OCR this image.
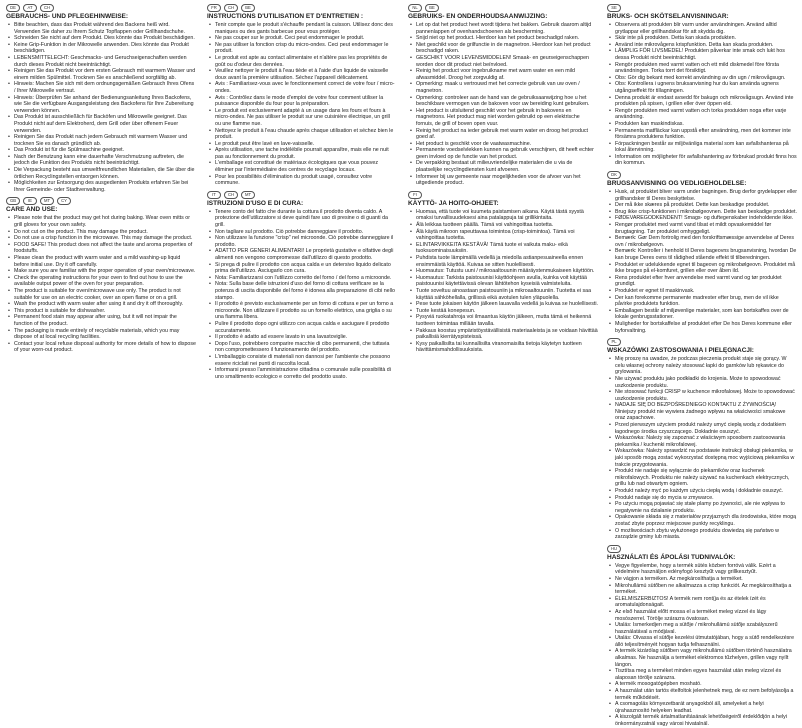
DE	AT	CH
GEBRAUCHS- UND PFLEGEHINWEISE:
• Bitte beachten, dass das Produkt während des Backens heiß wird. Verwenden Sie daher zu Ihrem Schutz Topflappen oder Grillhandschuhe.
• Schneiden Sie nicht auf dem Produkt. Dies könnte das Produkt beschädigen.
• Keine Grip-Funktion in der Mikrowelle anwenden. Dies könnte das Produkt beschädigen.
• LEBENSMITTELECHT: Geschmacks- und Geruchseigenschaften werden durch dieses Produkt nicht beeinträchtigt.
• Reinigen Sie das Produkt vor dem ersten Gebrauch mit warmem Wasser und einem milden Spülmittel. Trocknen Sie es anschließend sorgfältig ab.
• Hinweis: Machen Sie sich mit dem ordnungsgemäßen Gebrauch Ihres Ofens / Ihrer Mikrowelle vertraut.
• Hinweis: Überprüfen Sie anhand der Bedienungsanleitung Ihres Backofens, wie Sie die verfügbare Ausgangsleistung des Backofens für Ihre Zubereitung verwenden können.
• Das Produkt ist ausschließlich für Backöfen und Mikrowelle geeignet. Das Produkt nicht auf dem Elektroherd, dem Grill oder über offenem Feuer verwenden.
• Reinigen Sie das Produkt nach jedem Gebrauch mit warmem Wasser und trocknen Sie es danach gründlich ab.
• Das Produkt ist für die Spülmaschine geeignet.
• Nach der Benutzung kann eine dauerhafte Verschmutzung auftreten, die jedoch die Funktion des Produkts nicht beeinträchtigt.
• Die Verpackung besteht aus umweltfreundlichen Materialien, die Sie über die örtlichen Recyclingstellen entsorgen können.
• Möglichkeiten zur Entsorgung des ausgedienten Produkts erfahren Sie bei Ihrer Gemeinde- oder Stadtverwaltung.
GB	IE	MT	CY
CARE AND USE:
• Please note that the product may get hot during baking. Wear oven mitts or grill gloves for your own safety.
• Do not cut on the product. This may damage the product.
• Do not use a crisp function in the microwave. This may damage the product.
• FOOD SAFE! This product does not affect the taste and aroma properties of foodstuffs.
• Please clean the product with warm water and a mild washing-up liquid before initial use. Dry it off carefully.
• Make sure you are familiar with the proper operation of your oven/microwave.
• Check the operating instructions for your oven to find out how to use the available output power of the oven for your preparation.
• The product is suitable for oven/microwave use only. The product is not suitable for use on an electric cooker, over an open flame or on a grill.
• Wash the product with warm water after using it and dry it off thoroughly.
• This product is suitable for dishwasher.
• Permanent food stain may appear after using, but it will not impair the function of the product.
• The packaging is made entirely of recyclable materials, which you may dispose of at local recycling facilities.
• Contact your local refuse disposal authority for more details of how to dispose of your worn-out product.
FR	CH	BE
INSTRUCTIONS D'UTILISATION ET D'ENTRETIEN :
• Tenir compte que le produit s'échauffe pendant la cuisson. Utilisez donc des maniques ou des gants barbecue pour vous protéger.
• Ne pas couper sur le produit. Ceci peut endommager le produit.
• Ne pas utiliser la fonction crisp du micro-ondes. Ceci peut endommager le produit.
• Le produit est apte au contact alimentaire et n'altère pas les propriétés de goût ou d'odeur des denrées.
• Veuillez nettoyer le produit à l'eau tiède et à l'aide d'un liquide de vaisselle doux avant la première utilisation. Séchez l'appareil délicatement.
• Avis : Familiarisez-vous avec le fonctionnement correct de votre four / micro-ondes.
• Avis : Contrôlez dans le mode d'emploi de votre four comment utiliser la puissance disponible du four pour la préparation.
• Le produit est exclusivement adapté à un usage dans les fours et fours à micro-ondes. Ne pas utiliser le produit sur une cuisinière électrique, un grill ou une flamme nue.
• Nettoyez le produit à l'eau chaude après chaque utilisation et séchez bien le produit.
• Le produit peut être lavé en lave-vaisselle.
• Après utilisation, une tache indélébile pourrait apparaître, mais elle ne nuit pas au fonctionnement du produit.
• L'emballage est constitué de matériaux écologiques que vous pouvez éliminer par l'intermédiaire des centres de recyclage locaux.
• Pour les possibilités d'élimination du produit usagé, consultez votre commune.
IT	CH	MT
ISTRUZIONI D'USO E DI CURA:
• Tenere conto del fatto che durante la cottura il prodotto diventa caldo. A protezione dell'utilizzatore si deve quindi fare uso di presine o di guanti da grill.
• Non tagliare sul prodotto. Ciò potrebbe danneggiare il prodotto.
• Non utilizzare la funzione "crisp" nel microonde. Ciò potrebbe danneggiare il prodotto.
• ADATTO PER GENERI ALIMENTARI! Le proprietà gustative e olfattive degli alimenti non vengono compromesse dall'utilizzo di questo prodotto.
• Si prega di pulire il prodotto con acqua calda e un detersivo liquido delicato prima dell'utilizzo. Asciugarlo con cura.
• Nota: Familiarizzarsi con l'utilizzo corretto del forno / del forno a microonde.
• Nota: Sulla base delle istruzioni d'uso del forno di cottura verificare se la potenza di uscita disponibile del forno è idonea alla preparazione di cibi nello stampo.
• Il prodotto è previsto esclusivamente per un forno di cottura e per un forno a microonde. Non utilizzare il prodotto su un fornello elettrico, una griglia o su una fiamma libera.
• Pulire il prodotto dopo ogni utilizzo con acqua calda e asciugare il prodotto accuratamente.
• Il prodotto è adatto ad essere lavato in una lavastoviglie.
• Dopo l'uso, potrebbero comparire macchie di cibo permanenti, che tuttavia non compromettessero il funzionamento del prodotto.
• L'imballaggio consiste di materiali non dannosi per l'ambiente che possono essere riciclati nei punti di raccolta locali.
• Informarsi presso l'amministrazione cittadina o comunale sulle possibilità di uno smaltimento ecologico e corretto del prodotto usato.
NL	BE
GEBRUIKS- EN ONDERHOUDSAANWIJZING:
• Let op dat het product heet wordt tijdens het bakken. Gebruik daarom altijd pannenlappen of ovenhandschoenen als bescherming.
• Snijd niet op het product. Hierdoor kan het product beschadigd raken.
• Niet geschikt voor de grilfunctie in de magnetron. Hierdoor kan het product beschadigd raken.
• GESCHIKT VOOR LEVENSMIDDELEN! Smaak- en geurseigenschappen worden door dit product niet beïnvloed.
• Reinig het product voor ingebruikname met warm water en een mild afwasmiddel. Droog het zorgvuldig af.
• Opmerking: maak u vertrouwd met het correcte gebruik van uw oven / magnetron.
• Opmerking: controleer aan de hand van de gebruiksaanwijzing hoe u het beschikbare vermogen van de bakoven voor uw bereiding kunt gebruiken.
• Het product is uitsluitend geschikt voor het gebruik in bakovens en magnetrons. Het product mag niet worden gebruikt op een elektrische fornuis, de grill of boven open vuur.
• Reinig het product na ieder gebruik met warm water en droog het product goed af.
• Het product is geschikt voor de vaatwasmachine.
• Permanente voedselvlekken kunnen na gebruik verschijnen, dit heeft echter geen invloed op de functie van het product.
• De verpakking bestaat uit milieuvriendelijke materialen die u via de plaatselijke recyclingdiensten kunt afvoeren.
• Informeer bij uw gemeente naar mogelijkheden voor de afvoer van het uitgediende product.
FI
KÄYTTÖ- JA HOITO-OHJEET:
• Huomaa, että tuote voi kuumeta paistamisen aikana. Käytä tästä syystä omaksi turvallisuudeksesi aina patalappuja tai grillikintaita.
• Älä leikkaa tuotteen päällä. Tämä voi vahingoittaa tuotetta.
• Älä käytä mikroon rapeuttavaa toimintoa (crisp-toimintoa). Tämä voi vahingoittaa tuotetta.
• ELINTARVIKKEITA KESTÄVÄ! Tämä tuote ei vaikuta maku- eikä tuoksuominaisuuksiin.
• Puhdista tuote lämpimällä vedellä ja miedolla astianpesuaineella ennen ensimmäistä käyttöä. Kuivaa se sitten huolellisesti.
• Huomautus: Tutustu uuni / mikroaaltouunin määräystenmukaiseen käyttöön.
• Huomautus: Tarkista paistouunisi käyttöohjeen avulla, kuinka voit käyttää paistouunisi käytettävissä olevan lähtötehon kyseisiä valmisteluita.
• Tuote soveltuu ainoastaan paistouuniin ja mikroaaltouuniin. Tuotetta ei saa käyttää sähköhellalla, grillissä eikä avotulen tulen yläpuolella.
• Pese tuote jokaisen käytön jälkeen lauavalla vedellä ja kuivaa se huolellisesti.
• Tuote kestää konepesun.
• Pysyviä ruokatahroja voi ilmaantua käytön jälkeen, mutta tämä ei heikennä tuotteen toimintaa millään tavalla.
• Pakkaus koostuu ympäristöystävällisistä materiaaleista ja se voidaan hävittää paikallisiä kierrätyspisteissä.
• Kysy paikallisilta tai kunnallisilta viranomaisilta tietoja käytetyn tuotteen hävittämismahdollisuuksista.
SE
BRUKS- OCH SKÖTSELANVISNINGAR:
• Observera att produkten blir varm under användningen. Använd alltid grytlappar eller grillhandskar för att skydda dig.
• Skär inte på produkten. Detta kan skada produkten.
• Använd inte mikrovågens krispfunktion. Detta kan skada produkten.
• LÄMPLIG FÖR LIVSMEDEL! Produkten påverkar inte smak och lukt hos dessa Produkt nicht beeinträchtigt.
• Rengör produkten med varmt vatten och ett mild diskmedel före första användningen. Torka torrt det försiktigt.
• Obs: Gör dig bekant med korrekt användning av din ugn / mikrovågsugn.
• Obs: Kontrollera i ugnens bruksanvisning hur du kan använda ugnens utgångseffekt för tillagningen.
• Denna produkt är endast avsedd för bakugn och mikrovågsugn. Använd inte produkten på spisen, i grillen eller över öppen eld.
• Rengör produkten med varmt vatten och torka produkten noga efter varje användning.
• Produkten kan maskindiskas.
• Permanenta matfläckar kan uppstå efter användning, men det kommer inte försämra produktens funktion.
• Förpackningen består av miljövänliga material som kan avfallshanteras på lokal återvinning.
• Information om möjligheter för avfallshantering av förbrukad produkt finns hos din kommun.
DK
BRUGSANVISNING OG VEDLIGEHOLDELSE:
• Husk, at produktet bliver varm under bagningen. Brug derfor grydelapper eller grillhandsker til Deres beskyttelse.
• Der må ikke skæres på produktet. Dette kan beskadige produktet.
• Brug ikke crisp-funktionen i mikrobølgeovnen. Dette kan beskadige produktet.
• FØDEVAREGODKENDENT! Smags- og duftegenskaber indeholdende ikke.
• Rengør produktet med varmt vand tilsat et mildt opvaskemiddel før ibrugtagning. Tør produktet omhyggeligt.
• Bemærk: Gør Dem fortrolig med den forskriftsmæssige anvendelse af Deres ovn / mikrobølgeovn.
• Bemærk: Kontroller i henhold til Deres bageovns brugsanvisning, hvordan De kan bruge Deres ovns til rådighed stående effekt til tilberedningen.
• Produktet er udelukkende egnet til bageovn og mikrobølgeovn. Produktet må ikke bruges på el-komfuret, grillen eller over åben ild.
• Rens produktet efter hver anvendelse med varmt vand og tør produktet grundigt.
• Produktet er egnet til maskinvask.
• Der kan forekomme permanente madrester efter brug, men de vil ikke påvirke produktets funktion.
• Emballagen består af miljøvenlige materialer, som kan bortskaffes over de lokale genbrugsstationer.
• Muligheder for bortskaffelse af produktet efter De hos Deres kommune eller byforvaltning.
PL
WSKAZÓWKI ZASTOSOWANIA I PIELĘGNACJI:
• Mię proszę na uwadze, że podczas pieczenia produkt staje się gorący. W celu własnej ochrony należy stosować łapki do garnków lub rękawice do grylowania.
• Nie używać produktu jako podkładki do krojenia. Może to spowodować uszkodzenie produktu.
• Nie stosować funkcji CRISP w kuchence mikrofalowej. Może to spowodować uszkodzenie produktu.
• NADAJE SIĘ DO BEZPOŚREDNIEGO KONTAKTU Z ŻYWNOŚCIĄ! Niniejszy produkt nie wywiera żadnego wpływu na właściwości smakowe oraz zapachowe.
• Przed pierwszym użyciem produkt należy umyć ciepłą wodą z dodatkiem łagodnego środka czyszczącego. Dokładnie osuszyć.
• Wskazówka: Należy się zapoznać z właściwym sposobem zastosowania piekarnika / kuchenki mikrofalowej.
• Wskazówka: Należy sprawdzić na podstawie instrukcji obsługi piekarnika, w jaki sposób mogą zostać wykorzystać dostępną moc wyjściową piekarnika w trakcie przygotowania.
• Produkt nie nadaje się wyłącznie do piekarników oraz kuchenek mikrofalowych. Produktu nie należy używać na kuchenkach elektrycznych, grillu lub nad otwartym ogniem.
• Produkt należy myć po każdym użyciu ciepłą wodą i dokładnie osuszyć.
• Produkt nadaje się do mycia w zmywarce.
• Po użyciu mogą pojawiać się stałe plamy po żywności, ale nie wpływa to negatywnie na działanie produktu.
• Opakowanie składa się z materiałów przyjaznych dla środowiska, które mogą zostać zbyte poprzez miejscowe punkty recyklingu.
• O możliwościach zbytu wyłużonego produktu dowiedzą się państwo w zarządzie gminy lub miasta.
HU
HASZNÁLATI ÉS ÁPOLÁSI TUDNIVALÓK:
• Vegye figyelembe, hogy a termék sütés közben forróvá válik. Ezért a védelmére használjon edényfogó kesztyűt vagy grillkesztyűt.
• Ne vágjon a terméken. Az megkárosíthatja a terméket.
• Mikrohullámú sütőben ne alkalmazza a crisp funkciót. Az megkárosíthatja a terméket.
• ÉLELMISZERBIZTOS! A termék nem ront(ja és az ételek ízét és aromatulajdonságait.
• Az első használat előtt mossa el a terméket meleg vízzel és lágy mosószerrel. Törölje szárazra óvatosan.
• Utalás: Ismerkedjen meg a sütője / mikrohullámú sütője szabályszerű használatával a módjával.
• Utalás: Olvassa el sütője kezelési útmutatójában, hogy a sütő rendelkezésre álló teljesítményét hogyan tudja felhasználni.
• A termék kizárólag sütőben vagy mikrohullámú sütőben történő használatra alkalmas. Ne használja a terméket elektromos tűzhelyen, grillen vagy nyílt lángon.
• Tisztítsa meg a terméket minden egyes használat után meleg vízzel és alaposan törölje szárazra.
• A termék mosogatógépben mosható.
• A használat után tartós ételfoltok jelenhetnek meg, de ez nem befolyásolja a termék működését.
• A csomagolás környezetbarát anyagokból áll, amelyeket a helyi újrahasznosító helyeken leadhat.
• A kiszolgált termék ártalmatlanításának lehetőségeiről érdeklődjön a helyi önkormányzatnál vagy városi hivatalnál.
